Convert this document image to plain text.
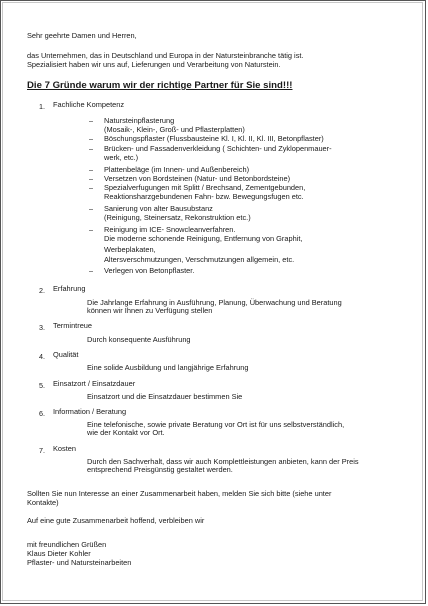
Sehr geehrte Damen und Herren,
das Unternehmen, das in Deutschland und Europa in der Natursteinbranche tätig ist.
Spezialisiert haben wir uns auf, Lieferungen und Verarbeitung von Naturstein.
Die 7 Gründe warum wir der richtige Partner für Sie sind!!!
1. Fachliche Kompetenz
– Natursteinpflasterung
(Mosaik-, Klein-, Groß- und Pflasterplatten)
– Böschungspflaster (Flussbausteine Kl. I, Kl. II, Kl. III, Betonpflaster)
– Brücken- und Fassadenverkleidung ( Schichten- und Zyklopenmauer-
werk, etc.)
– Plattenbeläge (im Innen- und Außenbereich)
– Versetzen von Bordsteinen (Natur- und Betonbordsteine)
– Spezialverfugungen mit Splitt / Brechsand, Zementgebunden,
Reaktionsharzgebundenen Fahn- bzw. Bewegungsfugen etc.
– Sanierung von alter Bausubstanz
(Reinigung, Steinersatz, Rekonstruktion etc.)
– Reinigung im ICE- Snowcleanverfahren.
Die moderne schonende Reinigung, Entfernung von Graphit,
Werbeplakaten,
Altersverschmutzungen, Verschmutzungen allgemein, etc.
– Verlegen von Betonpflaster.
2. Erfahrung
Die Jahrlange Erfahrung in Ausführung, Planung, Überwachung und Beratung
können wir Ihnen zu Verfügung stellen
3. Termintreue
Durch konsequente Ausführung
4. Qualität
Eine solide Ausbildung und langjährige Erfahrung
5. Einsatzort / Einsatzdauer
Einsatzort und die Einsatzdauer bestimmen Sie
6. Information / Beratung
Eine telefonische, sowie private Beratung vor Ort ist für uns selbstverständlich,
wie der Kontakt vor Ort.
7. Kosten
Durch den Sachverhalt, dass wir auch Komplettleistungen anbieten, kann der Preis
entsprechend Preisgünstig gestaltet werden.
Sollten Sie nun Interesse an einer Zusammenarbeit haben, melden Sie sich bitte (siehe unter
Kontakte)
Auf eine gute Zusammenarbeit hoffend, verbleiben wir
mit freundlichen Grüßen
Klaus Dieter Kohler
Pflaster- und Natursteinarbeiten
